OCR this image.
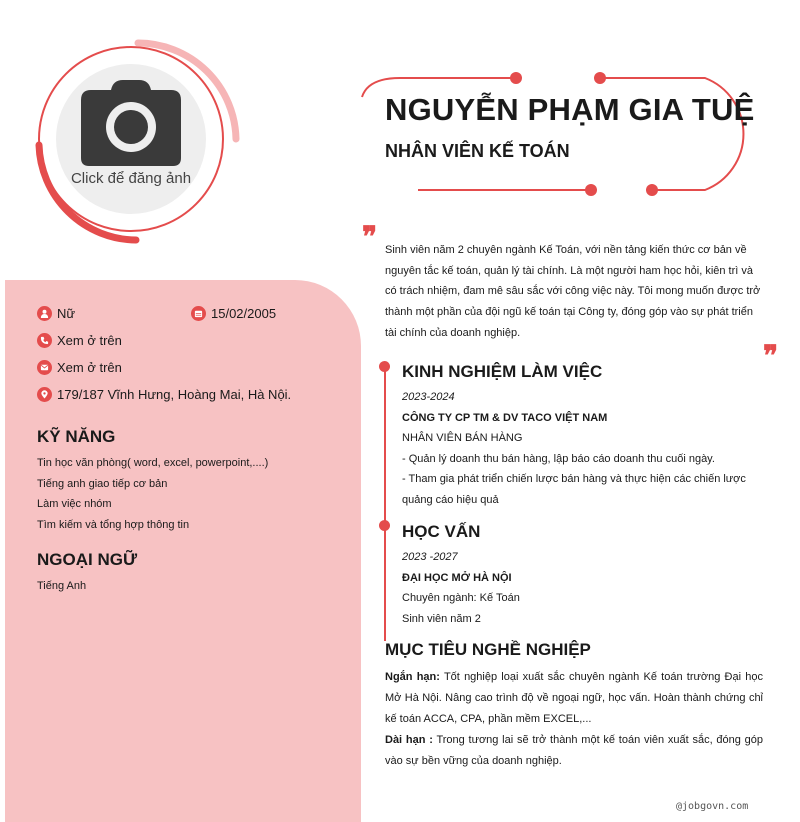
Click để đăng ảnh
Nữ	15/02/2005
Xem ở trên
Xem ở trên
179/187 Vĩnh Hưng, Hoàng Mai, Hà Nội.
KỸ NĂNG
Tin học văn phòng( word, excel, powerpoint,....)
Tiếng anh giao tiếp cơ bản
Làm việc nhóm
Tìm kiếm và tổng hợp thông tin
NGOẠI NGỮ
Tiếng Anh
NGUYỄN PHẠM GIA TUỆ
NHÂN VIÊN KẾ TOÁN
❞
❞

Sinh viên năm 2 chuyên ngành Kế Toán, với nền tảng kiến thức cơ bản về nguyên tắc kế toán, quản lý tài chính. Là một người ham học hỏi, kiên trì và có trách nhiệm, đam mê sâu sắc với công việc này. Tôi mong muốn được trở thành một phần của đội ngũ kế toán tại Công ty, đóng góp vào sự phát triển tài chính của doanh nghiệp.

KINH NGHIỆM LÀM VIỆC
2023-2024
CÔNG TY CP TM & DV TACO VIỆT NAM
NHÂN VIÊN BÁN HÀNG
- Quản lý doanh thu bán hàng, lập báo cáo doanh thu cuối ngày.
- Tham gia phát triển chiến lược bán hàng và thực hiện các chiến lược quảng cáo hiệu quả
HỌC VẤN
2023 -2027
ĐẠI HỌC MỞ HÀ NỘI
Chuyên ngành: Kế Toán
Sinh viên năm 2
MỤC TIÊU NGHỀ NGHIỆP

Ngắn hạn: Tốt nghiệp loại xuất sắc chuyên ngành Kế toán trường Đại học Mở Hà Nội. Nâng cao trình độ về ngoại ngữ, học vấn. Hoàn thành chứng chỉ kế toán ACCA, CPA, phần mềm EXCEL,...

Dài hạn : Trong tương lai sẽ trở thành một kế toán viên xuất sắc, đóng góp vào sự bền vững của doanh nghiệp.

@jobgovn.com
